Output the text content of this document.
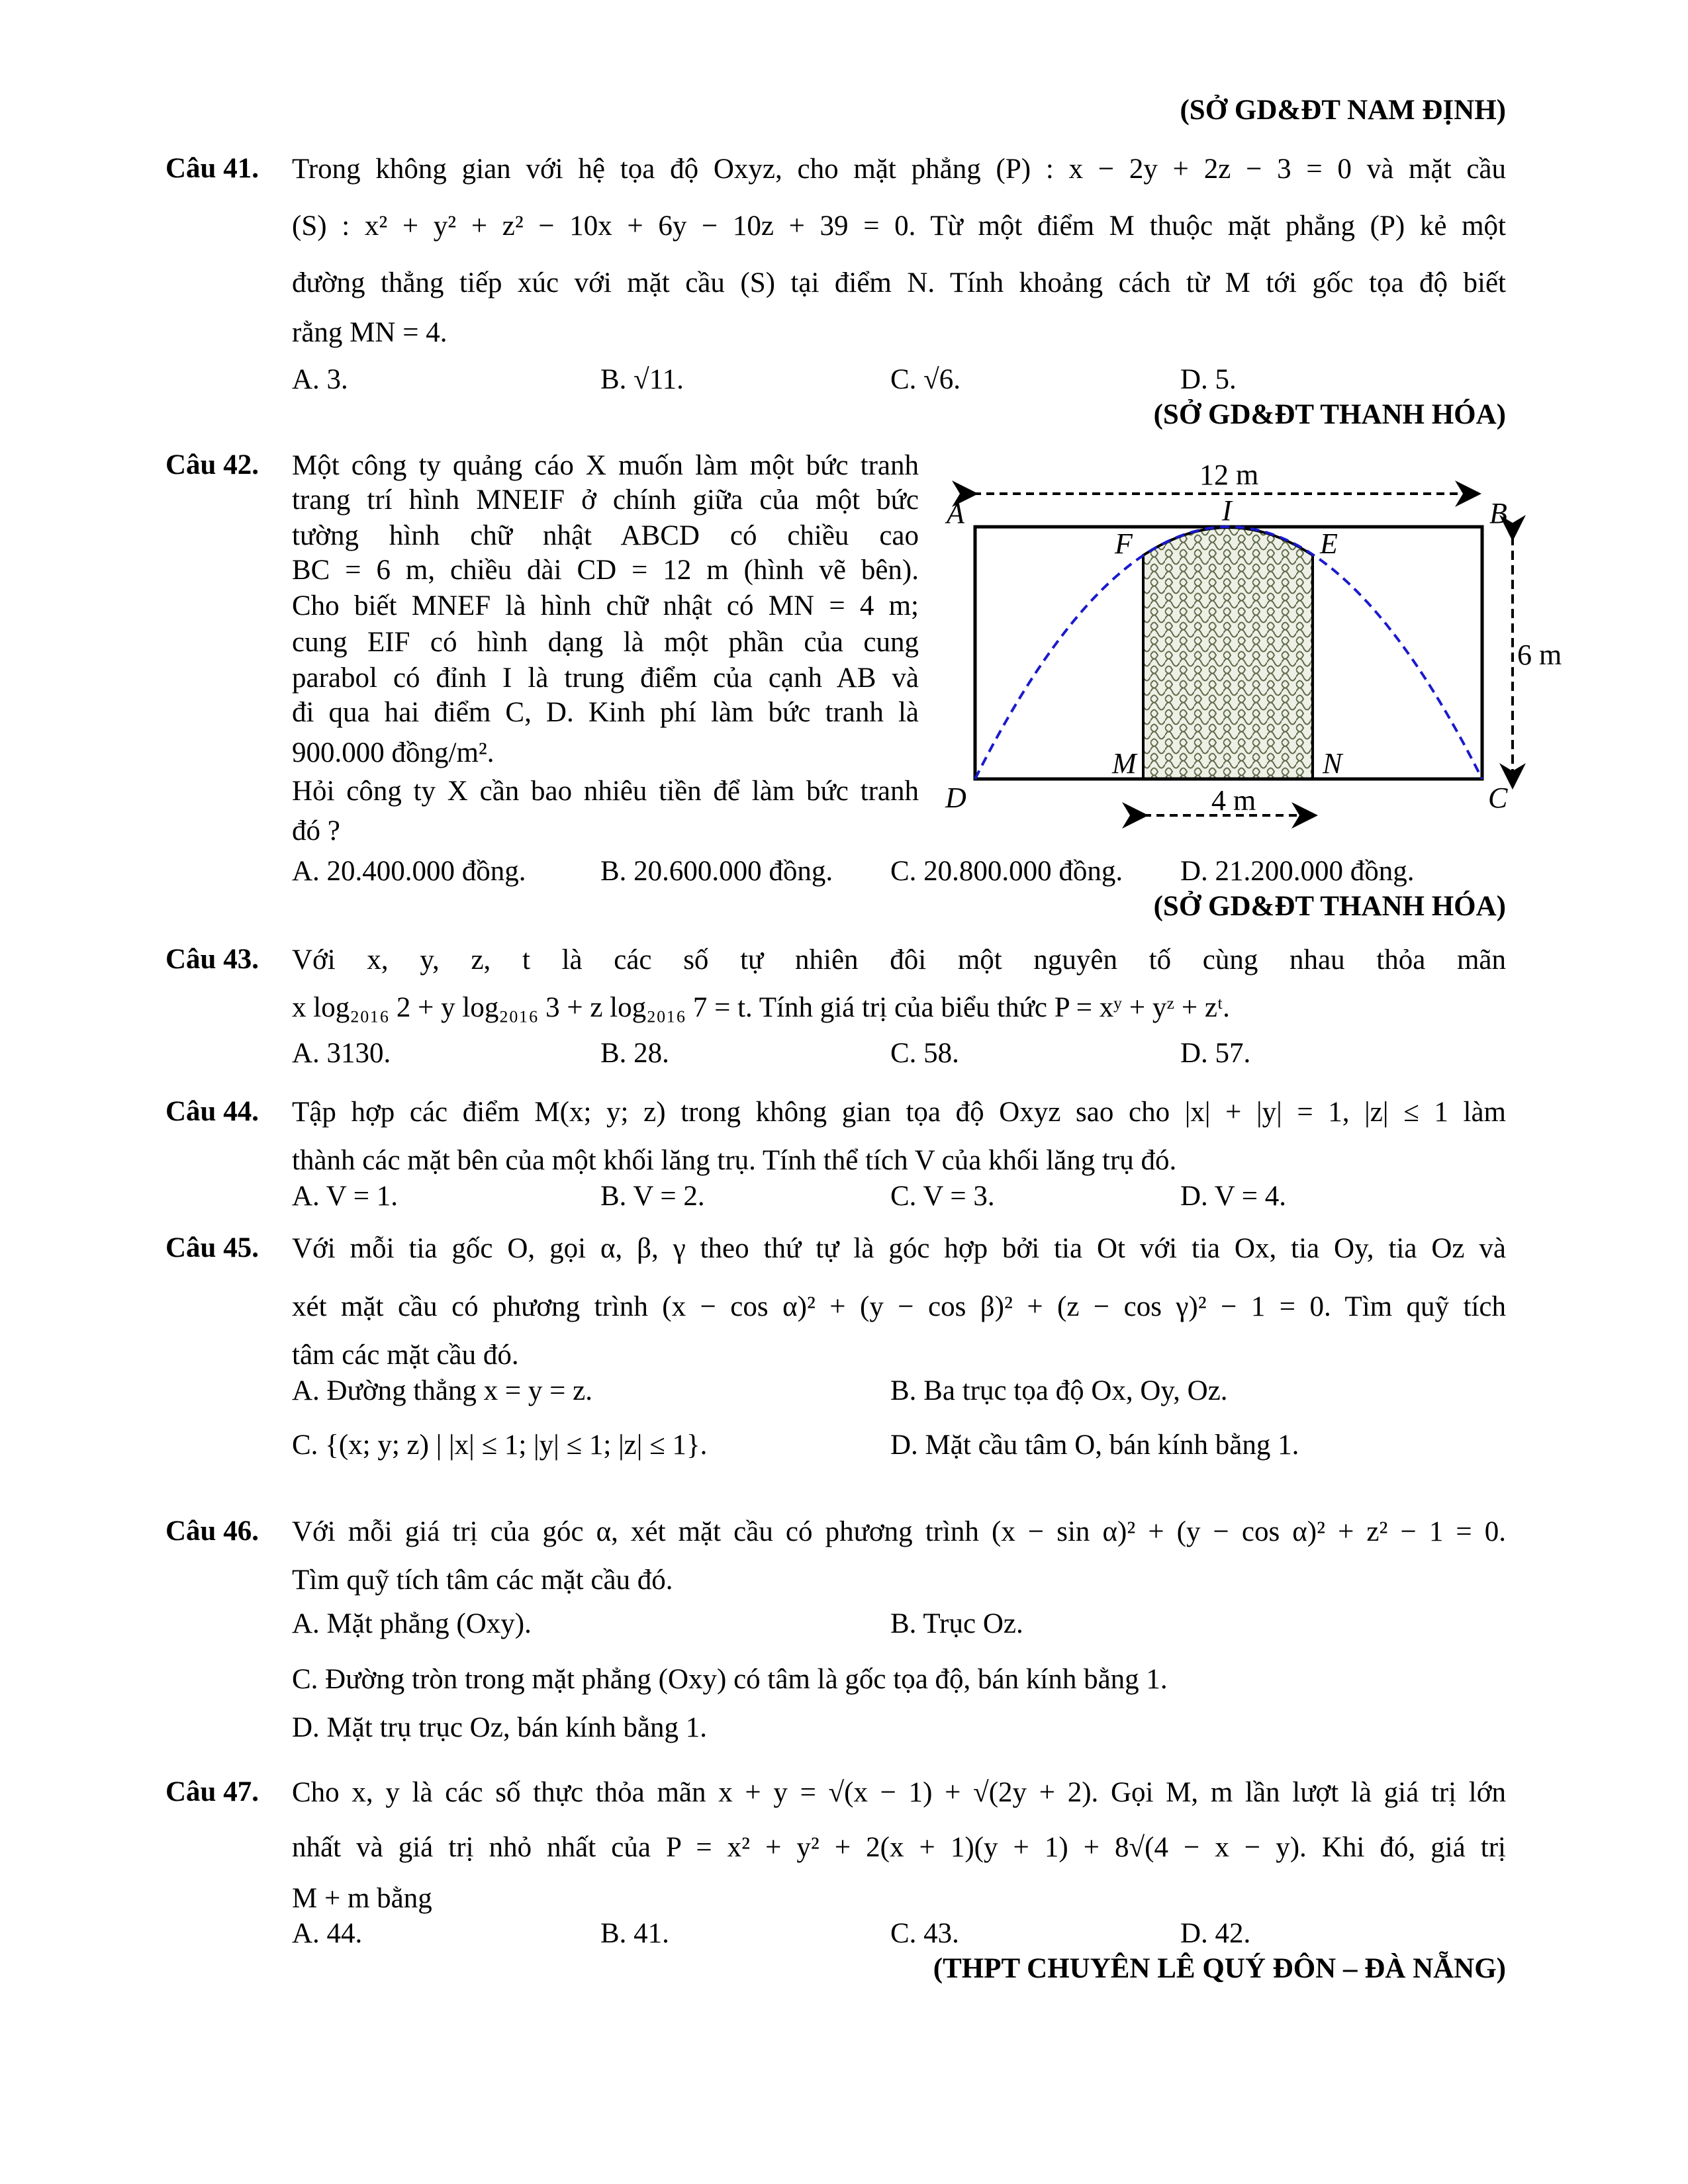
(SỞ GD&ĐT NAM ĐỊNH)
(SỞ GD&ĐT THANH HÓA)
(SỞ GD&ĐT THANH HÓA)
(THPT CHUYÊN LÊ QUÝ ĐÔN – ĐÀ NẴNG)
Câu 41. Trong không gian với hệ tọa độ Oxyz, cho mặt phẳng (P) : x − 2y + 2z − 3 = 0 và mặt cầu
(S) : x² + y² + z² − 10x + 6y − 10z + 39 = 0. Từ một điểm M thuộc mặt phẳng (P) kẻ một
đường thẳng tiếp xúc với mặt cầu (S) tại điểm N. Tính khoảng cách từ M tới gốc tọa độ biết
rằng MN = 4.
A. 3.	B. √11.	C. √6.	D. 5.
Câu 42. Một công ty quảng cáo X muốn làm một bức tranh
trang trí hình MNEIF ở chính giữa của một bức
tường hình chữ nhật ABCD có chiều cao
BC = 6 m, chiều dài CD = 12 m (hình vẽ bên).
Cho biết MNEF là hình chữ nhật có MN = 4 m;
cung EIF có hình dạng là một phần của cung
parabol có đỉnh I là trung điểm của cạnh AB và
đi qua hai điểm C, D. Kinh phí làm bức tranh là
900.000 đồng/m².
Hỏi công ty X cần bao nhiêu tiền để làm bức tranh
đó ?
A. 20.400.000 đồng.	B. 20.600.000 đồng. C. 20.800.000 đồng. D. 21.200.000 đồng.
12 m
6 m
4 m
A	B
I
F	E
M	N
D	C
Câu 43. Với x, y, z, t là các số tự nhiên đôi một nguyên tố cùng nhau thỏa mãn
x log₂₀₁₆ 2 + y log₂₀₁₆ 3 + z log₂₀₁₆ 7 = t. Tính giá trị của biểu thức P = xʸ + yᶻ + zᵗ.
A. 3130.	B. 28.	C. 58.	D. 57.
Câu 44. Tập hợp các điểm M(x; y; z) trong không gian tọa độ Oxyz sao cho |x| + |y| = 1, |z| ≤ 1 làm
thành các mặt bên của một khối lăng trụ. Tính thể tích V của khối lăng trụ đó.
A. V = 1.	B. V = 2.	C. V = 3.	D. V = 4.
Câu 45. Với mỗi tia gốc O, gọi α, β, γ theo thứ tự là góc hợp bởi tia Ot với tia Ox, tia Oy, tia Oz và
xét mặt cầu có phương trình (x − cos α)² + (y − cos β)² + (z − cos γ)² − 1 = 0. Tìm quỹ tích
tâm các mặt cầu đó.
A. Đường thẳng x = y = z.	B. Ba trục tọa độ Ox, Oy, Oz.
C. {(x; y; z) | |x| ≤ 1; |y| ≤ 1; |z| ≤ 1}.	D. Mặt cầu tâm O, bán kính bằng 1.
Câu 46. Với mỗi giá trị của góc α, xét mặt cầu có phương trình (x − sin α)² + (y − cos α)² + z² − 1 = 0.
Tìm quỹ tích tâm các mặt cầu đó.
A. Mặt phẳng (Oxy).	B. Trục Oz.
C. Đường tròn trong mặt phẳng (Oxy) có tâm là gốc tọa độ, bán kính bằng 1.
D. Mặt trụ trục Oz, bán kính bằng 1.
Câu 47. Cho x, y là các số thực thỏa mãn x + y = √(x − 1) + √(2y + 2). Gọi M, m lần lượt là giá trị lớn
nhất và giá trị nhỏ nhất của P = x² + y² + 2(x + 1)(y + 1) + 8√(4 − x − y). Khi đó, giá trị
M + m bằng
A. 44.	B. 41.	C. 43.	D. 42.
